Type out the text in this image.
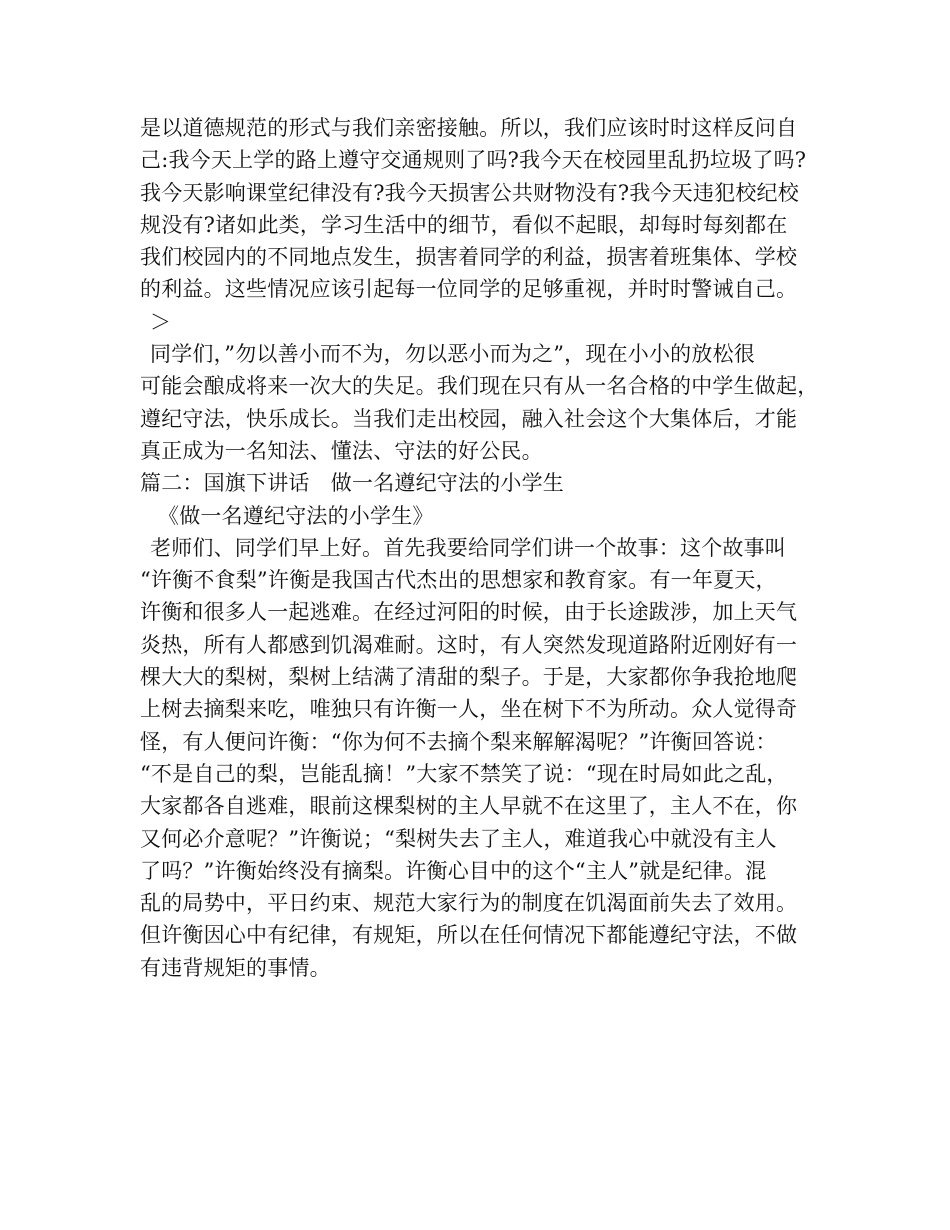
是以道德规范的形式与我们亲密接触。所以，我们应该时时这样反问自
己:我今天上学的路上遵守交通规则了吗?我今天在校园里乱扔垃圾了吗?
我今天影响课堂纪律没有?我今天损害公共财物没有?我今天违犯校纪校
规没有?诸如此类，学习生活中的细节，看似不起眼，却每时每刻都在
我们校园内的不同地点发生，损害着同学的利益，损害着班集体、学校
的利益。这些情况应该引起每一位同学的足够重视，并时时警诫自己。
＞
同学们，”勿以善小而不为，勿以恶小而为之”，现在小小的放松很
可能会酿成将来一次大的失足。我们现在只有从一名合格的中学生做起，
遵纪守法，快乐成长。当我们走出校园，融入社会这个大集体后，才能
真正成为一名知法、懂法、守法的好公民。
篇二：国旗下讲话　做一名遵纪守法的小学生
《做一名遵纪守法的小学生》
老师们、同学们早上好。首先我要给同学们讲一个故事：这个故事叫
“许衡不食梨”许衡是我国古代杰出的思想家和教育家。有一年夏天，
许衡和很多人一起逃难。在经过河阳的时候，由于长途跋涉，加上天气
炎热，所有人都感到饥渴难耐。这时，有人突然发现道路附近刚好有一
棵大大的梨树，梨树上结满了清甜的梨子。于是，大家都你争我抢地爬
上树去摘梨来吃，唯独只有许衡一人，坐在树下不为所动。众人觉得奇
怪，有人便问许衡：“你为何不去摘个梨来解解渴呢？”许衡回答说：
“不是自己的梨，岂能乱摘！”大家不禁笑了说：“现在时局如此之乱，
大家都各自逃难，眼前这棵梨树的主人早就不在这里了，主人不在，你
又何必介意呢？”许衡说；“梨树失去了主人，难道我心中就没有主人
了吗？”许衡始终没有摘梨。许衡心目中的这个“主人”就是纪律。混
乱的局势中，平日约束、规范大家行为的制度在饥渴面前失去了效用。
但许衡因心中有纪律，有规矩，所以在任何情况下都能遵纪守法，不做
有违背规矩的事情。
